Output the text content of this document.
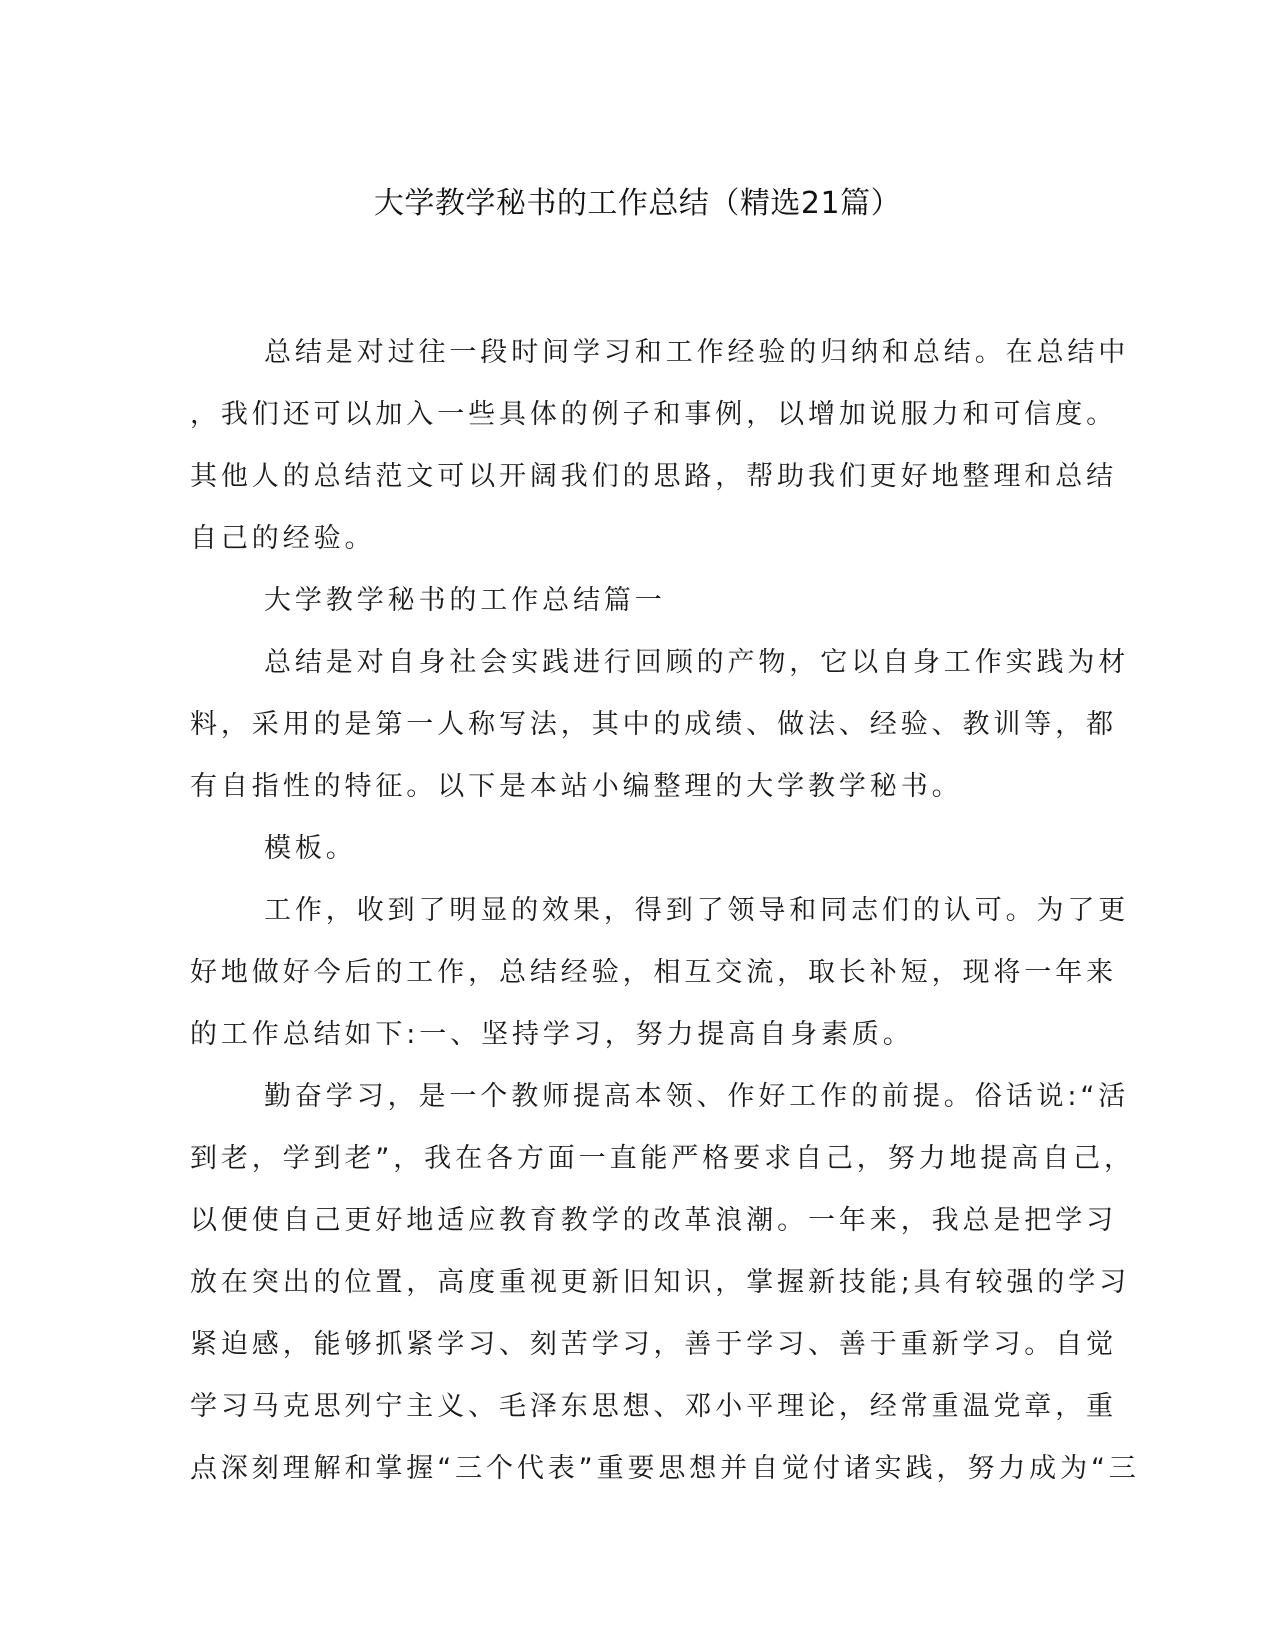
大学教学秘书的工作总结（精选21篇）
总结是对过往一段时间学习和工作经验的归纳和总结。在总结中
，我们还可以加入一些具体的例子和事例，以增加说服力和可信度。
其他人的总结范文可以开阔我们的思路，帮助我们更好地整理和总结
自己的经验。
大学教学秘书的工作总结篇一
总结是对自身社会实践进行回顾的产物，它以自身工作实践为材
料，采用的是第一人称写法，其中的成绩、做法、经验、教训等，都
有自指性的特征。以下是本站小编整理的大学教学秘书。
模板。
工作，收到了明显的效果，得到了领导和同志们的认可。为了更
好地做好今后的工作，总结经验，相互交流，取长补短，现将一年来
的工作总结如下:一、坚持学习，努力提高自身素质。
勤奋学习，是一个教师提高本领、作好工作的前提。俗话说:“活
到老，学到老”，我在各方面一直能严格要求自己，努力地提高自己，
以便使自己更好地适应教育教学的改革浪潮。一年来，我总是把学习
放在突出的位置，高度重视更新旧知识，掌握新技能;具有较强的学习
紧迫感，能够抓紧学习、刻苦学习，善于学习、善于重新学习。自觉
学习马克思列宁主义、毛泽东思想、邓小平理论，经常重温党章，重
点深刻理解和掌握“三个代表”重要思想并自觉付诸实践，努力成为“三
